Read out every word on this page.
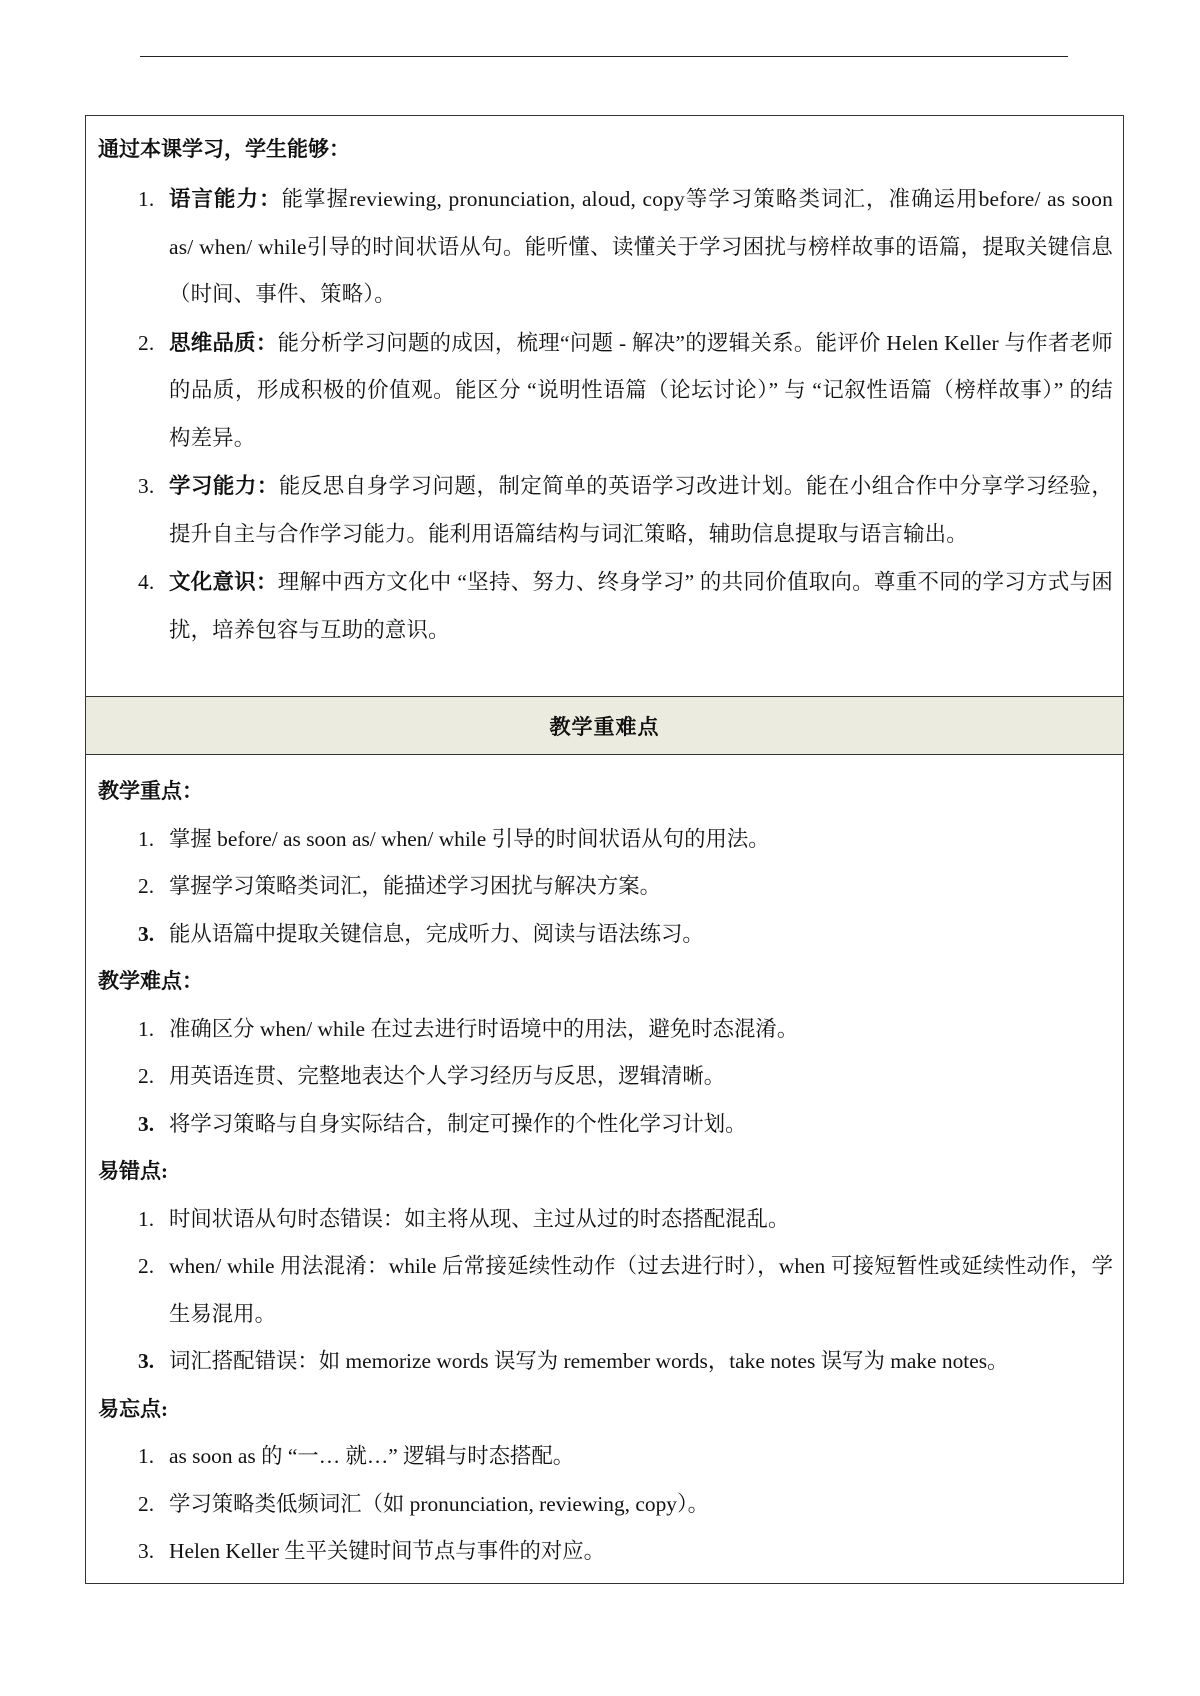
通过本课学习，学生能够：
1. 语言能力：能掌握reviewing, pronunciation, aloud, copy等学习策略类词汇，准确运用before/ as soon as/ when/ while引导的时间状语从句。能听懂、读懂关于学习困扰与榜样故事的语篇，提取关键信息（时间、事件、策略）。
2. 思维品质：能分析学习问题的成因，梳理“问题 - 解决”的逻辑关系。能评价 Helen Keller 与作者老师的品质，形成积极的价值观。能区分 “说明性语篇（论坛讨论）” 与 “记叙性语篇（榜样故事）” 的结构差异。
3. 学习能力：能反思自身学习问题，制定简单的英语学习改进计划。能在小组合作中分享学习经验，提升自主与合作学习能力。能利用语篇结构与词汇策略，辅助信息提取与语言输出。
4. 文化意识：理解中西方文化中 “坚持、努力、终身学习” 的共同价值取向。尊重不同的学习方式与困扰，培养包容与互助的意识。
教学重难点
教学重点：
1. 掌握 before/ as soon as/ when/ while 引导的时间状语从句的用法。
2. 掌握学习策略类词汇，能描述学习困扰与解决方案。
3. 能从语篇中提取关键信息，完成听力、阅读与语法练习。
教学难点：
1. 准确区分 when/ while 在过去进行时语境中的用法，避免时态混淆。
2. 用英语连贯、完整地表达个人学习经历与反思，逻辑清晰。
3. 将学习策略与自身实际结合，制定可操作的个性化学习计划。
易错点:
1. 时间状语从句时态错误：如主将从现、主过从过的时态搭配混乱。
2. when/ while 用法混淆：while 后常接延续性动作（过去进行时），when 可接短暂性或延续性动作，学生易混用。
3. 词汇搭配错误：如 memorize words 误写为 remember words，take notes 误写为 make notes。
易忘点:
1. as soon as 的 “一… 就…” 逻辑与时态搭配。
2. 学习策略类低频词汇（如 pronunciation, reviewing, copy）。
3. Helen Keller 生平关键时间节点与事件的对应。
